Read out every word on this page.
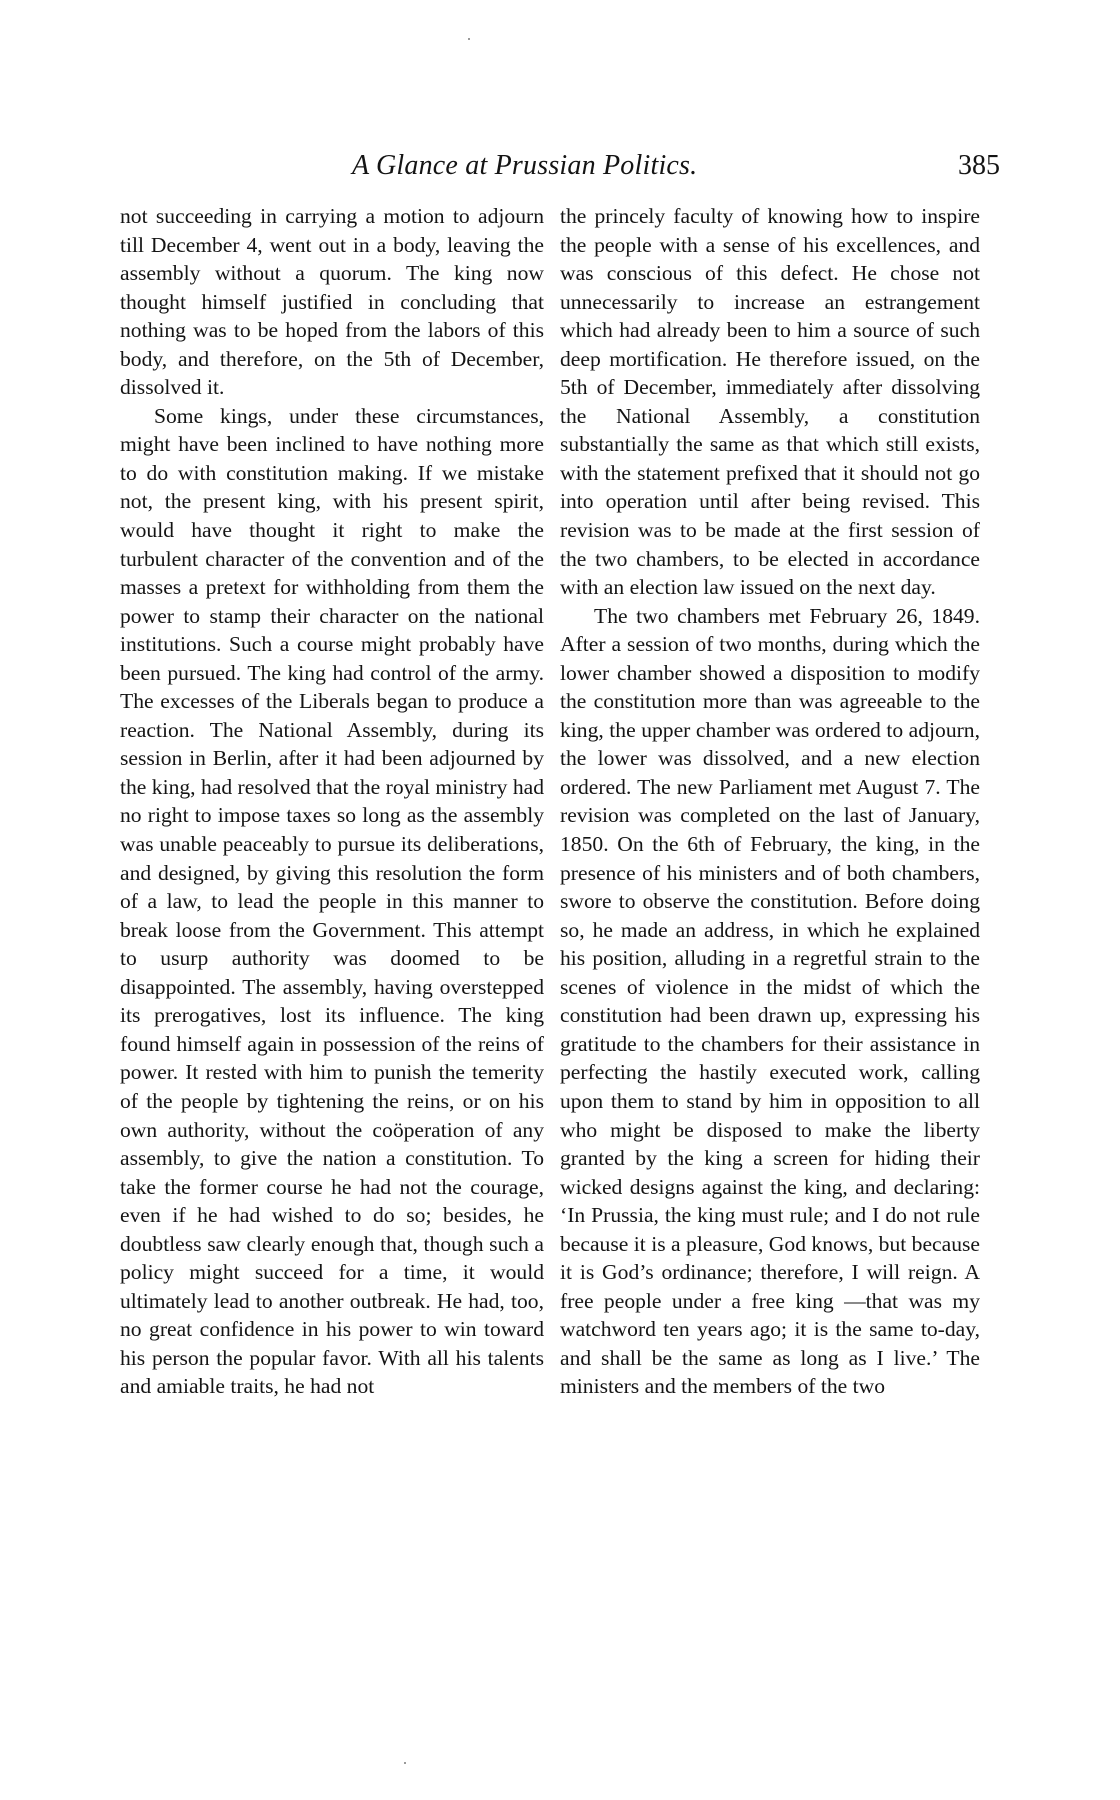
A Glance at Prussian Politics.	385

not succeeding in carrying a motion to adjourn till December 4, went out in a body, leaving the assembly without a quorum. The king now thought himself justified in concluding that nothing was to be hoped from the labors of this body, and therefore, on the 5th of December, dissolved it.

Some kings, under these circumstances, might have been inclined to have nothing more to do with constitution making. If we mistake not, the present king, with his present spirit, would have thought it right to make the turbulent character of the convention and of the masses a pretext for withholding from them the power to stamp their character on the national institutions. Such a course might probably have been pursued. The king had control of the army. The excesses of the Liberals began to produce a reaction. The National Assembly, during its session in Berlin, after it had been adjourned by the king, had resolved that the royal ministry had no right to impose taxes so long as the assembly was unable peaceably to pursue its deliberations, and designed, by giving this resolution the form of a law, to lead the people in this manner to break loose from the Government. This attempt to usurp authority was doomed to be disappointed. The assembly, having overstepped its prerogatives, lost its influence. The king found himself again in possession of the reins of power. It rested with him to punish the temerity of the people by tightening the reins, or on his own authority, without the coöperation of any assembly, to give the nation a constitution. To take the former course he had not the courage, even if he had wished to do so; besides, he doubtless saw clearly enough that, though such a policy might succeed for a time, it would ultimately lead to another outbreak. He had, too, no great confidence in his power to win toward his person the popular favor. With all his talents and amiable traits, he had not

the princely faculty of knowing how to inspire the people with a sense of his excellences, and was conscious of this defect. He chose not unnecessarily to increase an estrangement which had already been to him a source of such deep mortification. He therefore issued, on the 5th of December, immediately after dissolving the National Assembly, a constitution substantially the same as that which still exists, with the statement prefixed that it should not go into operation until after being revised. This revision was to be made at the first session of the two chambers, to be elected in accordance with an election law issued on the next day.

The two chambers met February 26, 1849. After a session of two months, during which the lower chamber showed a disposition to modify the constitution more than was agreeable to the king, the upper chamber was ordered to adjourn, the lower was dissolved, and a new election ordered. The new Parliament met August 7. The revision was completed on the last of January, 1850. On the 6th of February, the king, in the presence of his ministers and of both chambers, swore to observe the constitution. Before doing so, he made an address, in which he explained his position, alluding in a regretful strain to the scenes of violence in the midst of which the constitution had been drawn up, expressing his gratitude to the chambers for their assistance in perfecting the hastily executed work, calling upon them to stand by him in opposition to all who might be disposed to make the liberty granted by the king a screen for hiding their wicked designs against the king, and declaring: ‘In Prussia, the king must rule; and I do not rule because it is a pleasure, God knows, but because it is God’s ordinance; therefore, I will reign. A free people under a free king —that was my watchword ten years ago; it is the same to-day, and shall be the same as long as I live.’ The ministers and the members of the two
